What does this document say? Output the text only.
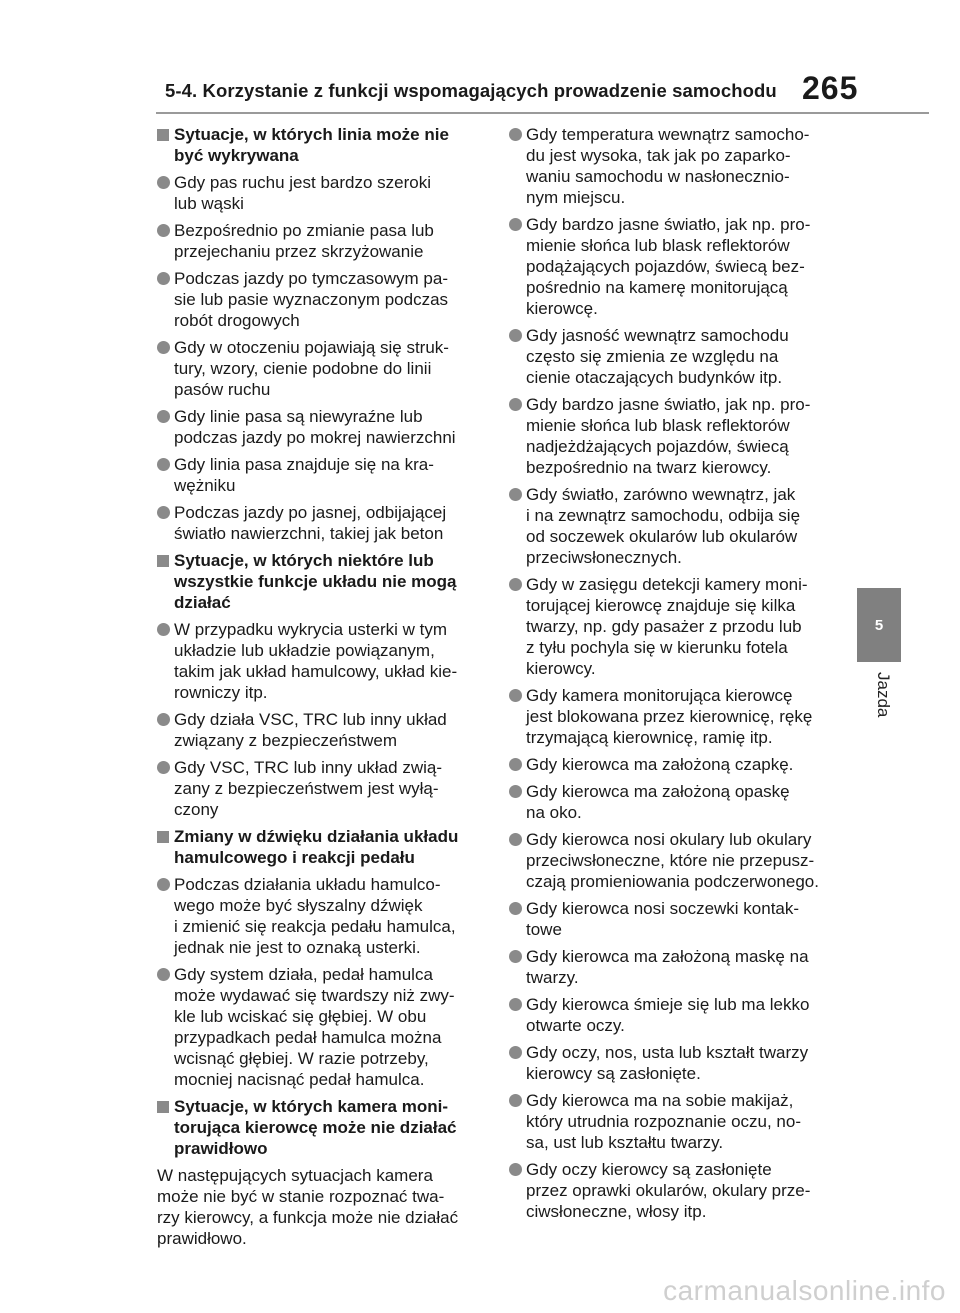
5-4. Korzystanie z funkcji wspomagających prowadzenie samochodu 265
5
Jazda
Sytuacje, w których linia może nie
być wykrywana
Gdy pas ruchu jest bardzo szeroki
lub wąski
Bezpośrednio po zmianie pasa lub
przejechaniu przez skrzyżowanie
Podczas jazdy po tymczasowym pa-
sie lub pasie wyznaczonym podczas
robót drogowych
Gdy w otoczeniu pojawiają się struk-
tury, wzory, cienie podobne do linii
pasów ruchu
Gdy linie pasa są niewyraźne lub
podczas jazdy po mokrej nawierzchni
Gdy linia pasa znajduje się na kra-
wężniku
Podczas jazdy po jasnej, odbijającej
światło nawierzchni, takiej jak beton
Sytuacje, w których niektóre lub
wszystkie funkcje układu nie mogą
działać
W przypadku wykrycia usterki w tym
układzie lub układzie powiązanym,
takim jak układ hamulcowy, układ kie-
rowniczy itp.
Gdy działa VSC, TRC lub inny układ
związany z bezpieczeństwem
Gdy VSC, TRC lub inny układ zwią-
zany z bezpieczeństwem jest wyłą-
czony
Zmiany w dźwięku działania układu
hamulcowego i reakcji pedału
Podczas działania układu hamulco-
wego może być słyszalny dźwięk
i zmienić się reakcja pedału hamulca,
jednak nie jest to oznaką usterki.
Gdy system działa, pedał hamulca
może wydawać się twardszy niż zwy-
kle lub wciskać się głębiej. W obu
przypadkach pedał hamulca można
wcisnąć głębiej. W razie potrzeby,
mocniej nacisnąć pedał hamulca.
Sytuacje, w których kamera moni-
torująca kierowcę może nie działać
prawidłowo
W następujących sytuacjach kamera
może nie być w stanie rozpoznać twa-
rzy kierowcy, a funkcja może nie działać
prawidłowo.
Gdy temperatura wewnątrz samocho-
du jest wysoka, tak jak po zaparko-
waniu samochodu w nasłonecznio-
nym miejscu.
Gdy bardzo jasne światło, jak np. pro-
mienie słońca lub blask reflektorów
podążających pojazdów, świecą bez-
pośrednio na kamerę monitorującą
kierowcę.
Gdy jasność wewnątrz samochodu
często się zmienia ze względu na
cienie otaczających budynków itp.
Gdy bardzo jasne światło, jak np. pro-
mienie słońca lub blask reflektorów
nadjeżdżających pojazdów, świecą
bezpośrednio na twarz kierowcy.
Gdy światło, zarówno wewnątrz, jak
i na zewnątrz samochodu, odbija się
od soczewek okularów lub okularów
przeciwsłonecznych.
Gdy w zasięgu detekcji kamery moni-
torującej kierowcę znajduje się kilka
twarzy, np. gdy pasażer z przodu lub
z tyłu pochyla się w kierunku fotela
kierowcy.
Gdy kamera monitorująca kierowcę
jest blokowana przez kierownicę, rękę
trzymającą kierownicę, ramię itp.
Gdy kierowca ma założoną czapkę.
Gdy kierowca ma założoną opaskę
na oko.
Gdy kierowca nosi okulary lub okulary
przeciwsłoneczne, które nie przepusz-
czają promieniowania podczerwonego.
Gdy kierowca nosi soczewki kontak-
towe
Gdy kierowca ma założoną maskę na
twarzy.
Gdy kierowca śmieje się lub ma lekko
otwarte oczy.
Gdy oczy, nos, usta lub kształt twarzy
kierowcy są zasłonięte.
Gdy kierowca ma na sobie makijaż,
który utrudnia rozpoznanie oczu, no-
sa, ust lub kształtu twarzy.
Gdy oczy kierowcy są zasłonięte
przez oprawki okularów, okulary prze-
ciwsłoneczne, włosy itp.
carmanualsonline.info
